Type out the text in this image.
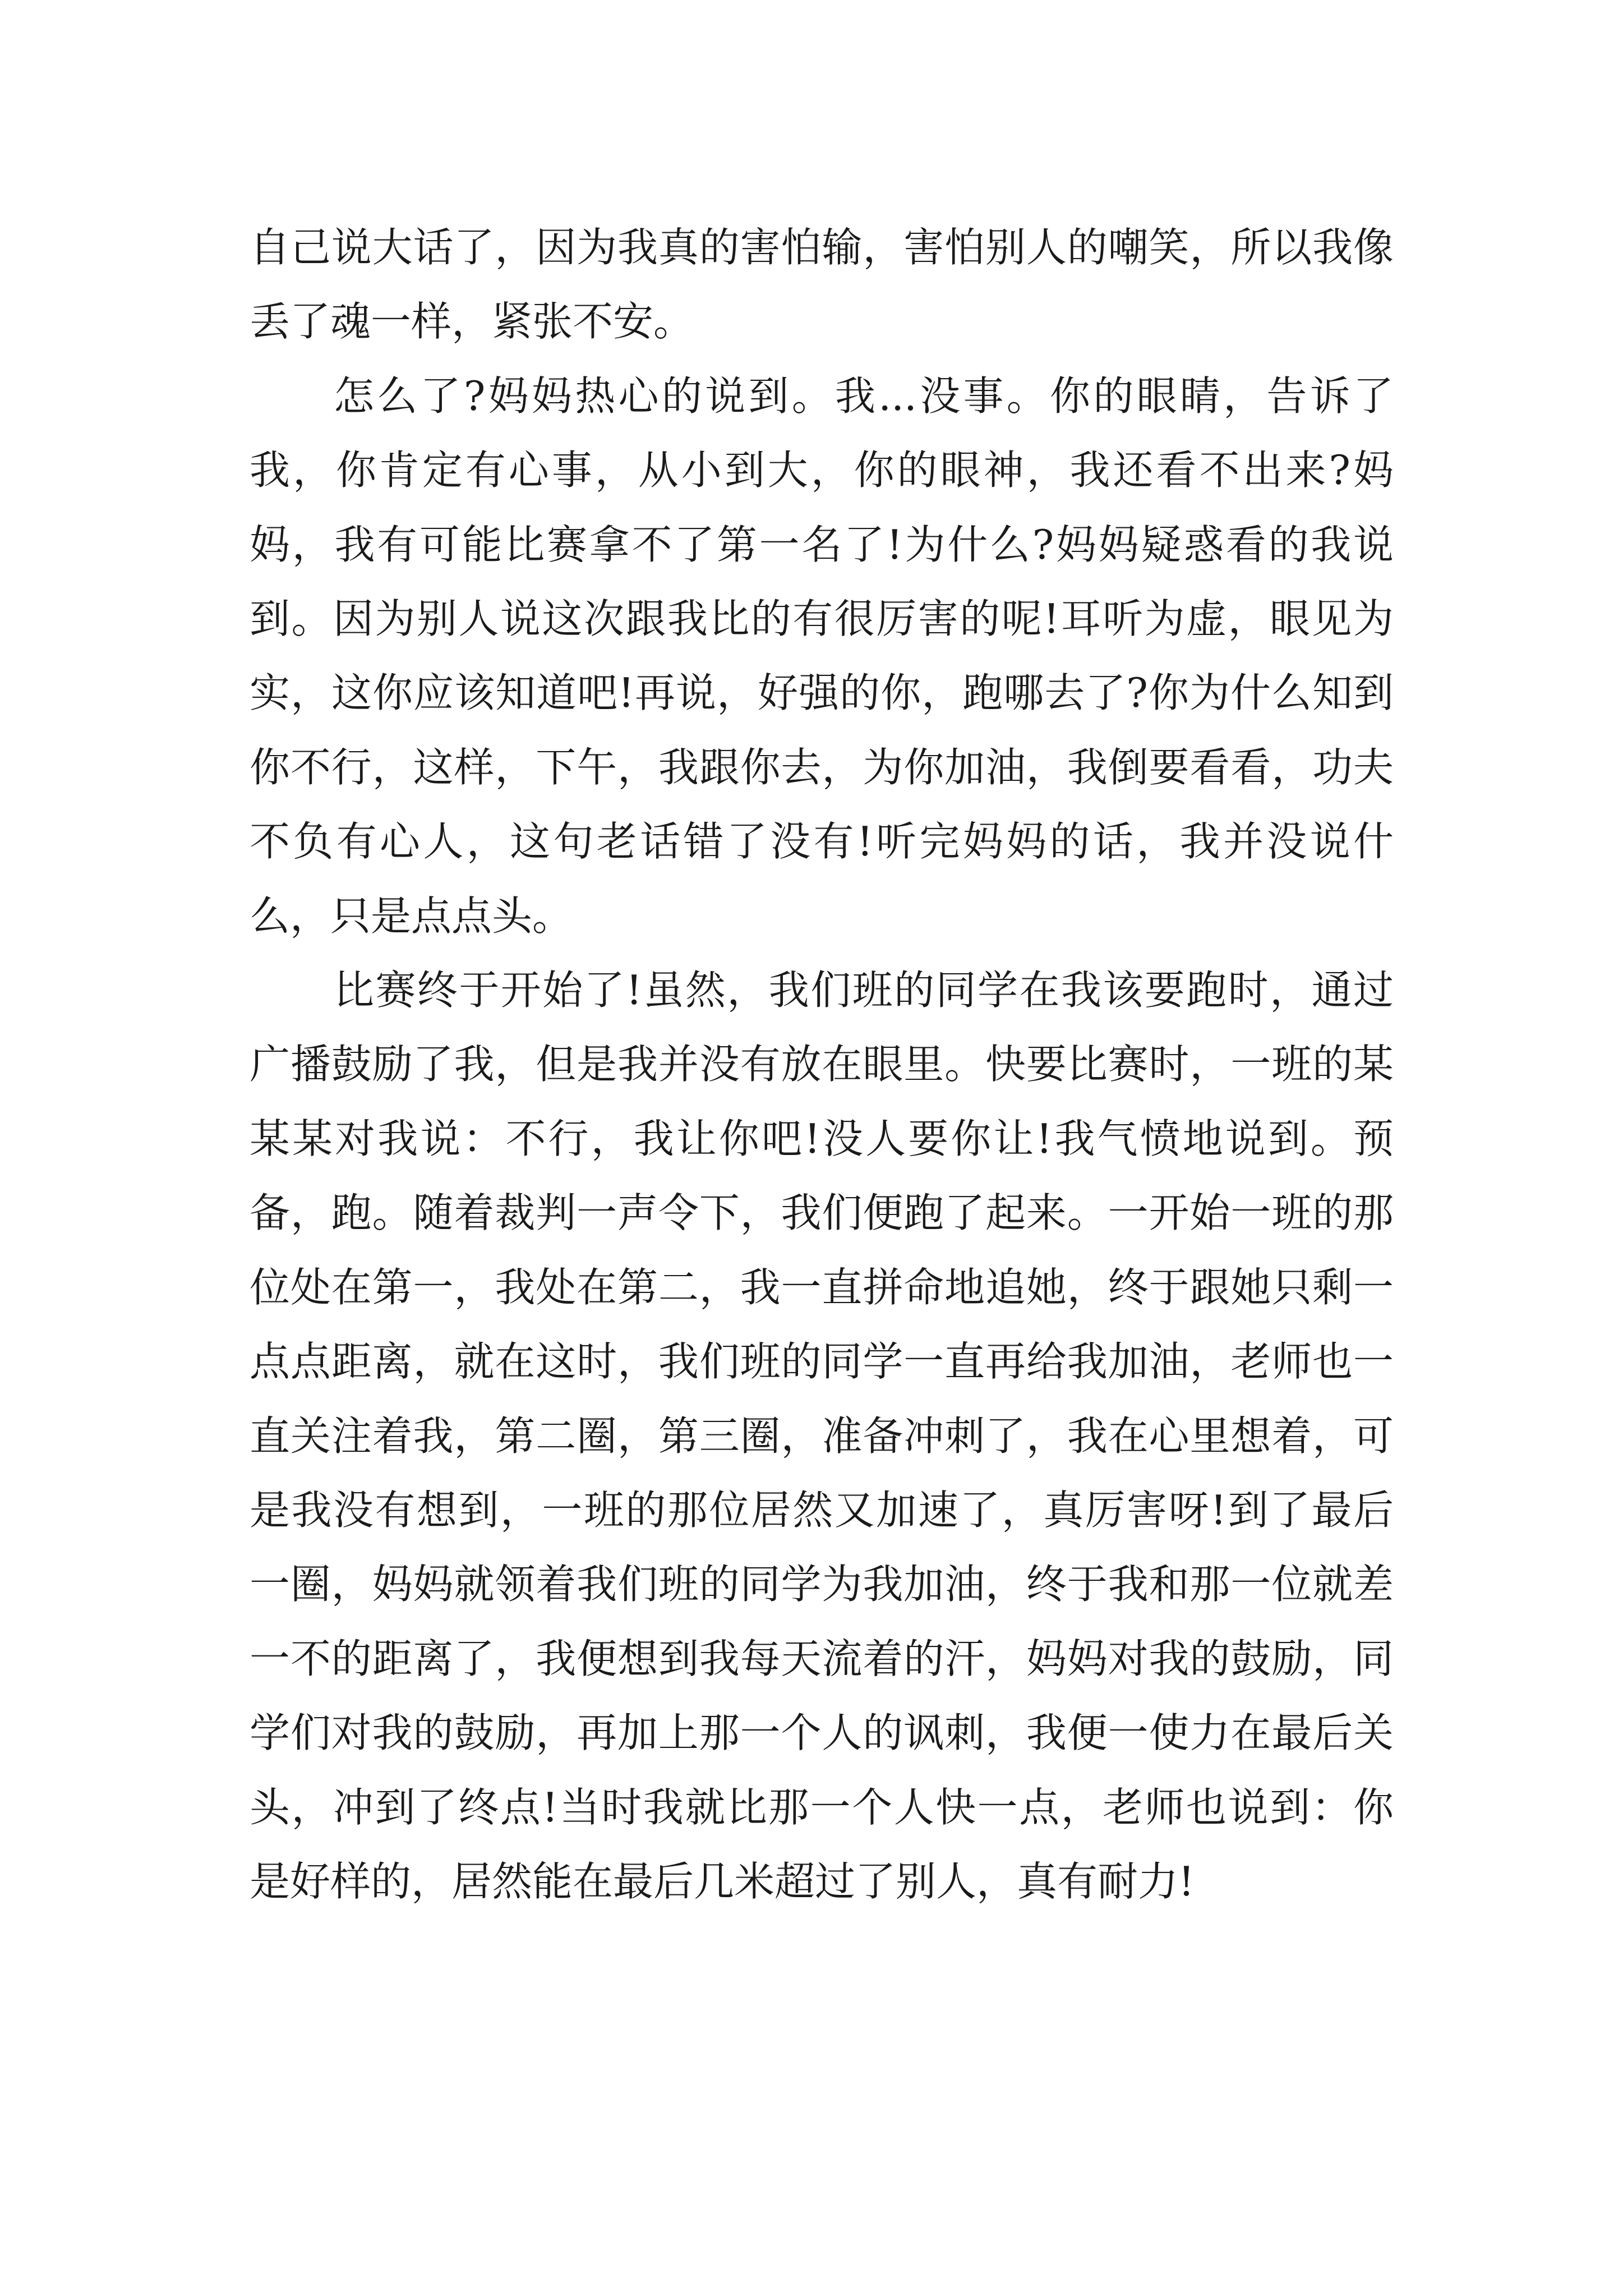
自己说大话了，因为我真的害怕输，害怕别人的嘲笑，所以我像丢了魂一样，紧张不安。

怎么了?妈妈热心的说到。我...没事。你的眼睛，告诉了我，你肯定有心事，从小到大，你的眼神，我还看不出来?妈妈，我有可能比赛拿不了第一名了!为什么?妈妈疑惑看的我说到。因为别人说这次跟我比的有很厉害的呢!耳听为虚，眼见为实，这你应该知道吧!再说，好强的你，跑哪去了?你为什么知到你不行，这样，下午，我跟你去，为你加油，我倒要看看，功夫不负有心人，这句老话错了没有!听完妈妈的话，我并没说什么，只是点点头。

比赛终于开始了!虽然，我们班的同学在我该要跑时，通过广播鼓励了我，但是我并没有放在眼里。快要比赛时，一班的某某某对我说：不行，我让你吧!没人要你让!我气愤地说到。预备，跑。随着裁判一声令下，我们便跑了起来。一开始一班的那位处在第一，我处在第二，我一直拼命地追她，终于跟她只剩一点点距离，就在这时，我们班的同学一直再给我加油，老师也一直关注着我，第二圈，第三圈，准备冲刺了，我在心里想着，可是我没有想到，一班的那位居然又加速了，真厉害呀!到了最后一圈，妈妈就领着我们班的同学为我加油，终于我和那一位就差一不的距离了，我便想到我每天流着的汗，妈妈对我的鼓励，同学们对我的鼓励，再加上那一个人的讽刺，我便一使力在最后关头，冲到了终点!当时我就比那一个人快一点，老师也说到：你是好样的，居然能在最后几米超过了别人，真有耐力!
